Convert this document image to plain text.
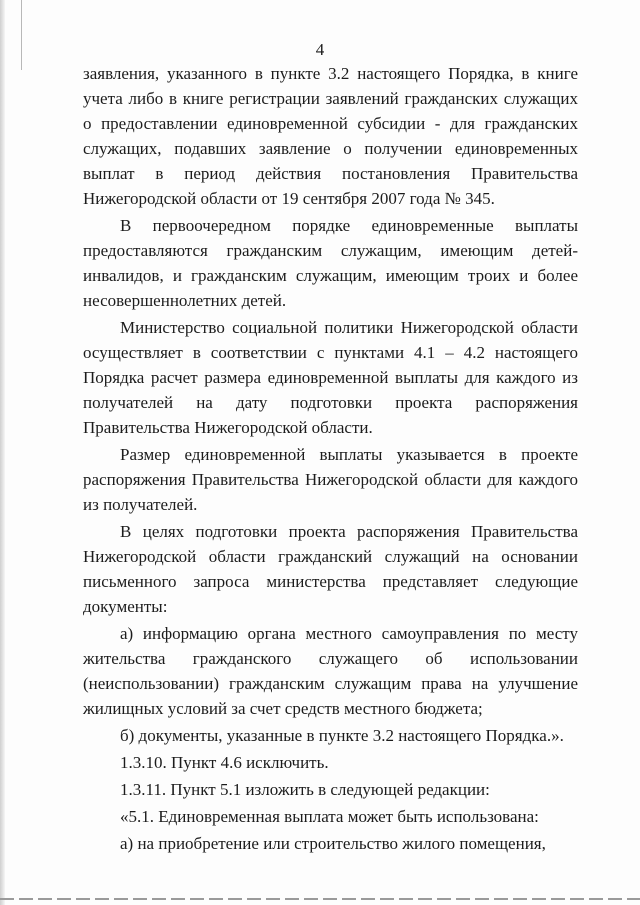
4

заявления, указанного в пункте 3.2 настоящего Порядка, в книге учета либо в книге регистрации заявлений гражданских служащих о предоставлении единовременной субсидии - для гражданских служащих, подавших заявление о получении единовременных выплат в период действия постановления Правительства Нижегородской области от 19 сентября 2007 года № 345.

В первоочередном порядке единовременные выплаты предоставляются гражданским служащим, имеющим детей-инвалидов, и гражданским служащим, имеющим троих и более несовершеннолетних детей.

Министерство социальной политики Нижегородской области осуществляет в соответствии с пунктами 4.1 – 4.2 настоящего Порядка расчет размера единовременной выплаты для каждого из получателей на дату подготовки проекта распоряжения Правительства Нижегородской области.

Размер единовременной выплаты указывается в проекте распоряжения Правительства Нижегородской области для каждого из получателей.

В целях подготовки проекта распоряжения Правительства Нижегородской области гражданский служащий на основании письменного запроса министерства представляет следующие документы:

а) информацию органа местного самоуправления по месту жительства гражданского служащего об использовании (неиспользовании) гражданским служащим права на улучшение жилищных условий за счет средств местного бюджета;

б) документы, указанные в пункте 3.2 настоящего Порядка.».

1.3.10. Пункт 4.6 исключить.

1.3.11. Пункт 5.1 изложить в следующей редакции:

«5.1. Единовременная выплата может быть использована:

а) на приобретение или строительство жилого помещения,
